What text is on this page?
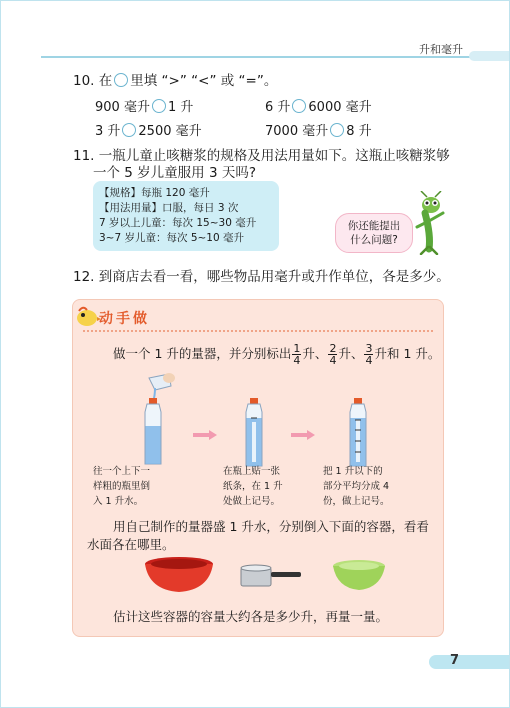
升和毫升
10. 在 里填 “>” “<” 或 “=”。
900 毫升 1 升	6 升 6000 毫升
3 升 2500 毫升	7000 毫升 8 升
11. 一瓶儿童止咳糖浆的规格及用法用量如下。这瓶止咳糖浆够
一个 5 岁儿童服用 3 天吗?
【规格】每瓶 120 毫升
【用法用量】口服，每日 3 次
7 岁以上儿童：每次 15~30 毫升
3~7 岁儿童：每次 5~10 毫升
你还能提出
什么问题?
12. 到商店去看一看，哪些物品用毫升或升作单位，各是多少。
动手做
做一个 1 升的量器，并分别标出 $\frac{1}{4}$ 升、 $\frac{2}{4}$ 升、 $\frac{3}{4}$ 升和 1 升。
往一个上下一
样粗的瓶里倒
入 1 升水。
在瓶上贴一张
纸条，在 1 升
处做上记号。
把 1 升以下的
部分平均分成 4
份，做上记号。
用自己制作的量器盛 1 升水，分别倒入下面的容器，看看
水面各在哪里。
估计这些容器的容量大约各是多少升，再量一量。
7
